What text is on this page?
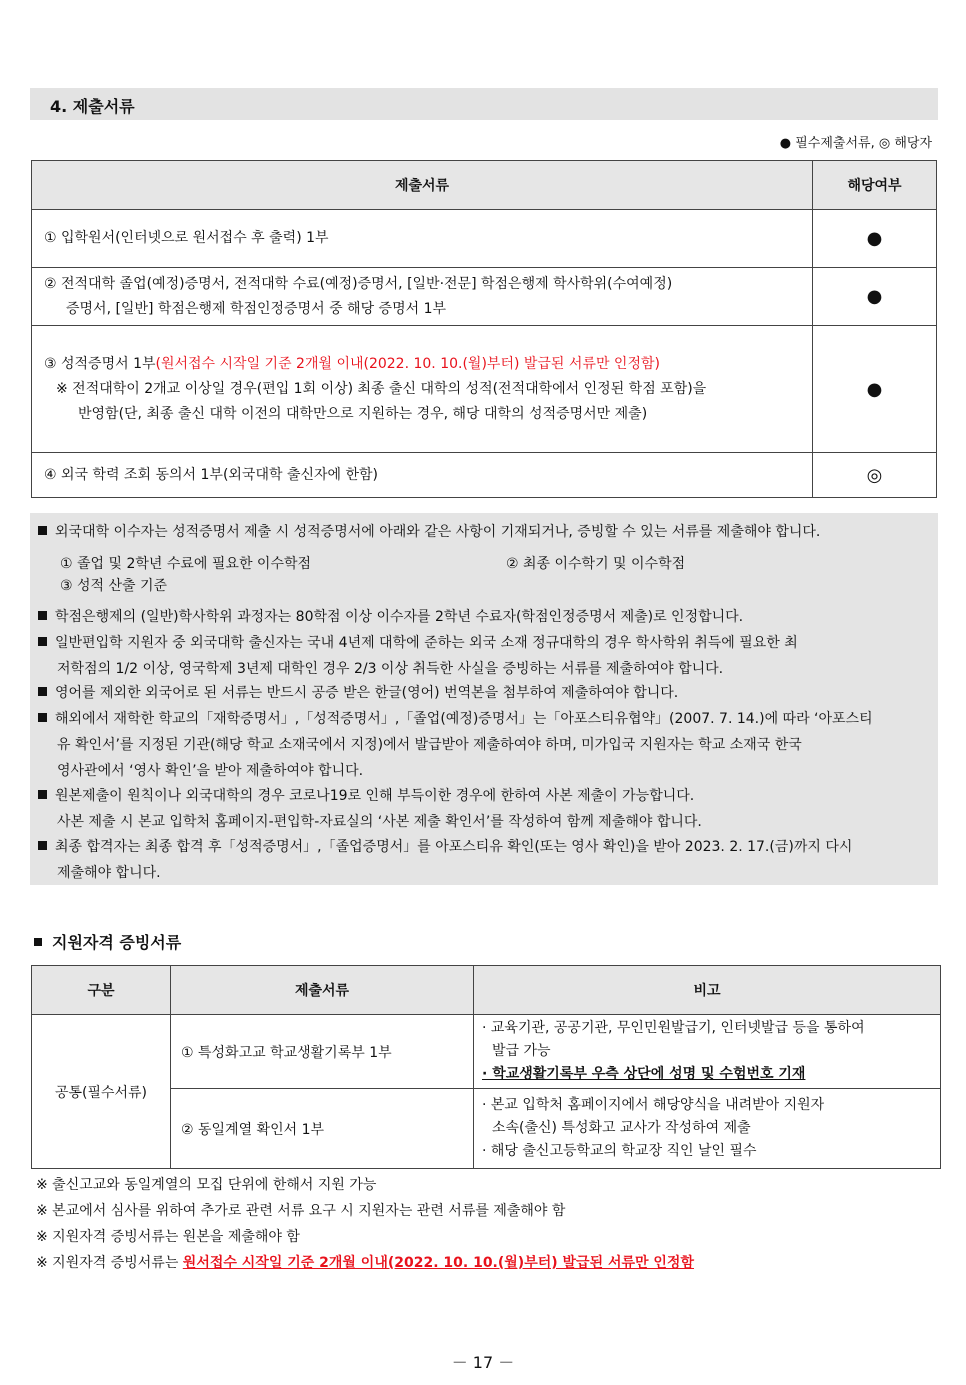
4. 제출서류
● 필수제출서류, ◎ 해당자
제출서류	해당여부
① 입학원서(인터넷으로 원서접수 후 출력) 1부	●

② 전적대학 졸업(예정)증명서, 전적대학 수료(예정)증명서, [일반·전문] 학점은행제 학사학위(수여예정)
증명서, [일반] 학점은행제 학점인정증명서 중 해당 증명서 1부	●

③ 성적증명서 1부(원서접수 시작일 기준 2개월 이내(2022. 10. 10.(월)부터) 발급된 서류만 인정함)
※ 전적대학이 2개교 이상일 경우(편입 1회 이상) 최종 출신 대학의 성적(전적대학에서 인정된 학점 포함)을
반영함(단, 최종 출신 대학 이전의 대학만으로 지원하는 경우, 해당 대학의 성적증명서만 제출)	●
④ 외국 학력 조회 동의서 1부(외국대학 출신자에 한함)	◎
외국대학 이수자는 성적증명서 제출 시 성적증명서에 아래와 같은 사항이 기재되거나, 증빙할 수 있는 서류를 제출해야 합니다.
① 졸업 및 2학년 수료에 필요한 이수학점	② 최종 이수학기 및 이수학점
③ 성적 산출 기준
학점은행제의 (일반)학사학위 과정자는 80학점 이상 이수자를 2학년 수료자(학점인정증명서 제출)로 인정합니다.
일반편입학 지원자 중 외국대학 출신자는 국내 4년제 대학에 준하는 외국 소재 정규대학의 경우 학사학위 취득에 필요한 최
저학점의 1/2 이상, 영국학제 3년제 대학인 경우 2/3 이상 취득한 사실을 증빙하는 서류를 제출하여야 합니다.
영어를 제외한 외국어로 된 서류는 반드시 공증 받은 한글(영어) 번역본을 첨부하여 제출하여야 합니다.
해외에서 재학한 학교의「재학증명서」,「성적증명서」,「졸업(예정)증명서」는「아포스티유협약」(2007. 7. 14.)에 따라 ‘아포스티
유 확인서’를 지정된 기관(해당 학교 소재국에서 지정)에서 발급받아 제출하여야 하며, 미가입국 지원자는 학교 소재국 한국
영사관에서 ‘영사 확인’을 받아 제출하여야 합니다.
원본제출이 원칙이나 외국대학의 경우 코로나19로 인해 부득이한 경우에 한하여 사본 제출이 가능합니다.
사본 제출 시 본교 입학처 홈페이지-편입학-자료실의 ‘사본 제출 확인서’를 작성하여 함께 제출해야 합니다.
최종 합격자는 최종 합격 후「성적증명서」,「졸업증명서」를 아포스티유 확인(또는 영사 확인)을 받아 2023. 2. 17.(금)까지 다시
제출해야 합니다.
지원자격 증빙서류
구분	제출서류	비고
공통(필수서류)	① 특성화고교 학교생활기록부 1부	· 교육기관, 공공기관, 무인민원발급기, 인터넷발급 등을 통하여
발급 가능
· 학교생활기록부 우측 상단에 성명 및 수험번호 기재

	② 동일계열 확인서 1부	· 본교 입학처 홈페이지에서 해당양식을 내려받아 지원자
소속(출신) 특성화고 교사가 작성하여 제출
· 해당 출신고등학교의 학교장 직인 날인 필수
※ 출신고교와 동일계열의 모집 단위에 한해서 지원 가능
※ 본교에서 심사를 위하여 추가로 관련 서류 요구 시 지원자는 관련 서류를 제출해야 함
※ 지원자격 증빙서류는 원본을 제출해야 함
※ 지원자격 증빙서류는 원서접수 시작일 기준 2개월 이내(2022. 10. 10.(월)부터) 발급된 서류만 인정함
－ 17 －
